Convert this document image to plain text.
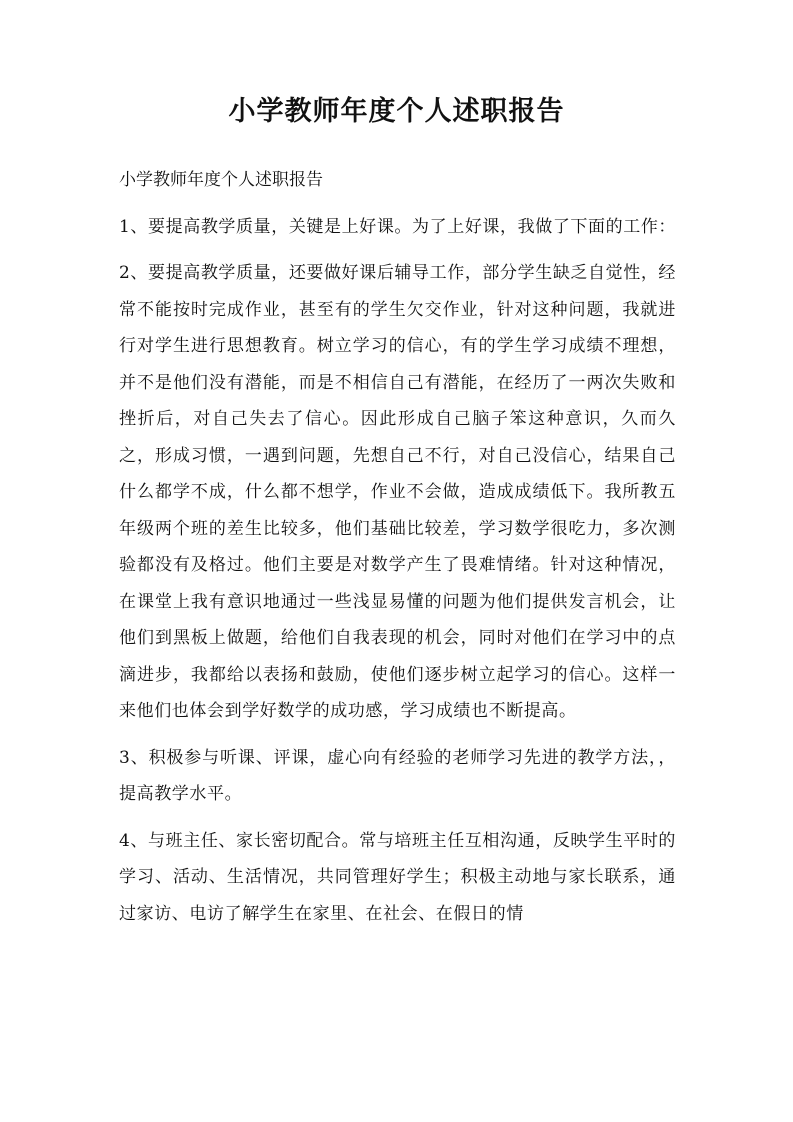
小学教师年度个人述职报告

小学教师年度个人述职报告

1、要提高教学质量，关键是上好课。为了上好课，我做了下面的工作：

2、要提高教学质量，还要做好课后辅导工作，部分学生缺乏自觉性，经常不能按时完成作业，甚至有的学生欠交作业，针对这种问题，我就进行对学生进行思想教育。树立学习的信心，有的学生学习成绩不理想，并不是他们没有潜能，而是不相信自己有潜能，在经历了一两次失败和挫折后，对自己失去了信心。因此形成自己脑子笨这种意识，久而久之，形成习惯，一遇到问题，先想自己不行，对自己没信心，结果自己什么都学不成，什么都不想学，作业不会做，造成成绩低下。我所教五年级两个班的差生比较多，他们基础比较差，学习数学很吃力，多次测验都没有及格过。他们主要是对数学产生了畏难情绪。针对这种情况，在课堂上我有意识地通过一些浅显易懂的问题为他们提供发言机会，让他们到黑板上做题，给他们自我表现的机会，同时对他们在学习中的点滴进步，我都给以表扬和鼓励，使他们逐步树立起学习的信心。这样一来他们也体会到学好数学的成功感，学习成绩也不断提高。

3、积极参与听课、评课，虚心向有经验的老师学习先进的教学方法，，提高教学水平。

4、与班主任、家长密切配合。常与培班主任互相沟通，反映学生平时的学习、活动、生活情况，共同管理好学生；积极主动地与家长联系，通过家访、电访了解学生在家里、在社会、在假日的情
